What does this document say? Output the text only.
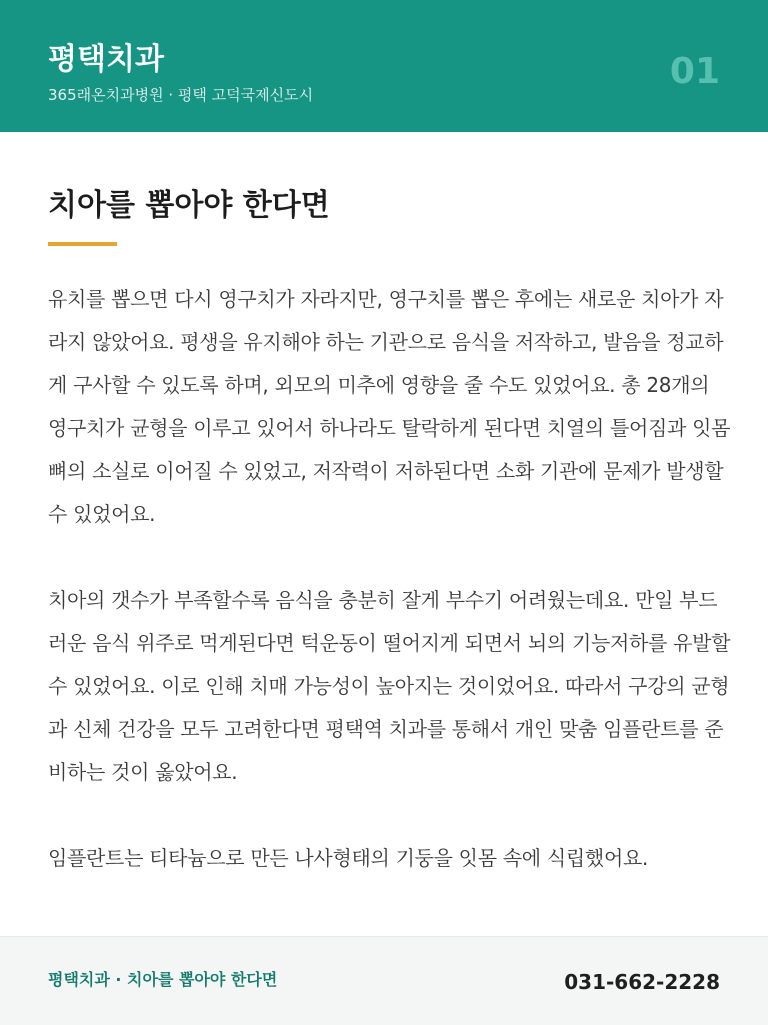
평택치과
365래온치과병원 · 평택 고덕국제신도시
01
치아를 뽑아야 한다면

유치를 뽑으면 다시 영구치가 자라지만, 영구치를 뽑은 후에는 새로운 치아가 자라지 않았어요. 평생을 유지해야 하는 기관으로 음식을 저작하고, 발음을 정교하게 구사할 수 있도록 하며, 외모의 미추에 영향을 줄 수도 있었어요. 총 28개의 영구치가 균형을 이루고 있어서 하나라도 탈락하게 된다면 치열의 틀어짐과 잇몸뼈의 소실로 이어질 수 있었고, 저작력이 저하된다면 소화 기관에 문제가 발생할 수 있었어요.

치아의 갯수가 부족할수록 음식을 충분히 잘게 부수기 어려웠는데요. 만일 부드러운 음식 위주로 먹게된다면 턱운동이 떨어지게 되면서 뇌의 기능저하를 유발할 수 있었어요. 이로 인해 치매 가능성이 높아지는 것이었어요. 따라서 구강의 균형과 신체 건강을 모두 고려한다면 평택역 치과를 통해서 개인 맞춤 임플란트를 준비하는 것이 옳았어요.

임플란트는 티타늄으로 만든 나사형태의 기둥을 잇몸 속에 식립했어요.

평택치과 · 치아를 뽑아야 한다면	031-662-2228
